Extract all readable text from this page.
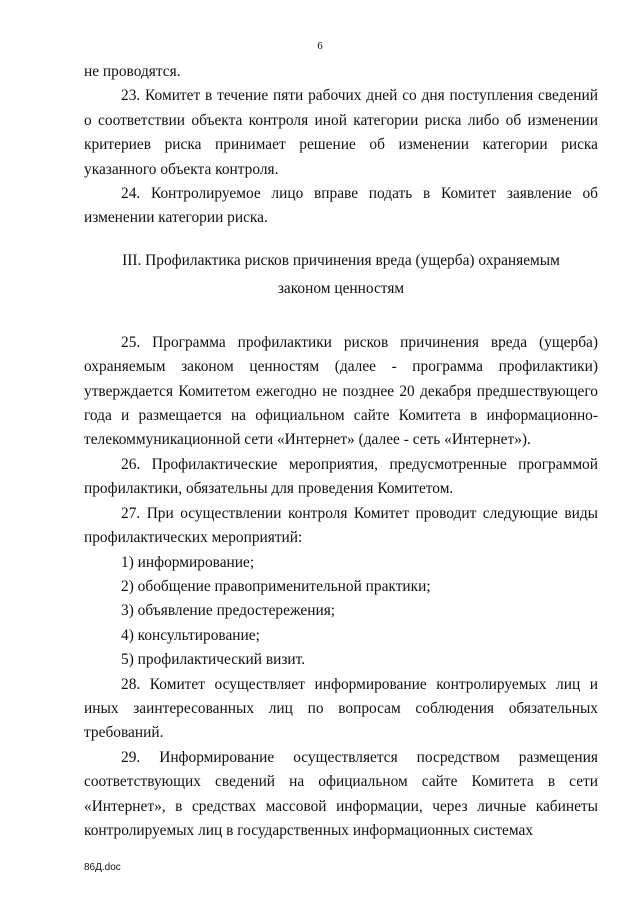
6

не проводятся.

23. Комитет в течение пяти рабочих дней со дня поступления сведений о соответствии объекта контроля иной категории риска либо об изменении критериев риска принимает решение об изменении категории риска указанного объекта контроля.

24. Контролируемое лицо вправе подать в Комитет заявление об изменении категории риска.

III. Профилактика рисков причинения вреда (ущерба) охраняемым
законом ценностям

25. Программа профилактики рисков причинения вреда (ущерба) охраняемым законом ценностям (далее - программа профилактики) утверждается Комитетом ежегодно не позднее 20 декабря предшествующего года и размещается на официальном сайте Комитета в информационно-телекоммуникационной сети «Интернет» (далее - сеть «Интернет»).

26. Профилактические мероприятия, предусмотренные программой профилактики, обязательны для проведения Комитетом.

27. При осуществлении контроля Комитет проводит следующие виды профилактических мероприятий:

1) информирование;

2) обобщение правоприменительной практики;

3) объявление предостережения;

4) консультирование;

5) профилактический визит.

28. Комитет осуществляет информирование контролируемых лиц и иных заинтересованных лиц по вопросам соблюдения обязательных требований.

29. Информирование осуществляется посредством размещения соответствующих сведений на официальном сайте Комитета в сети «Интернет», в средствах массовой информации, через личные кабинеты контролируемых лиц в государственных информационных системах

86Д.doc
